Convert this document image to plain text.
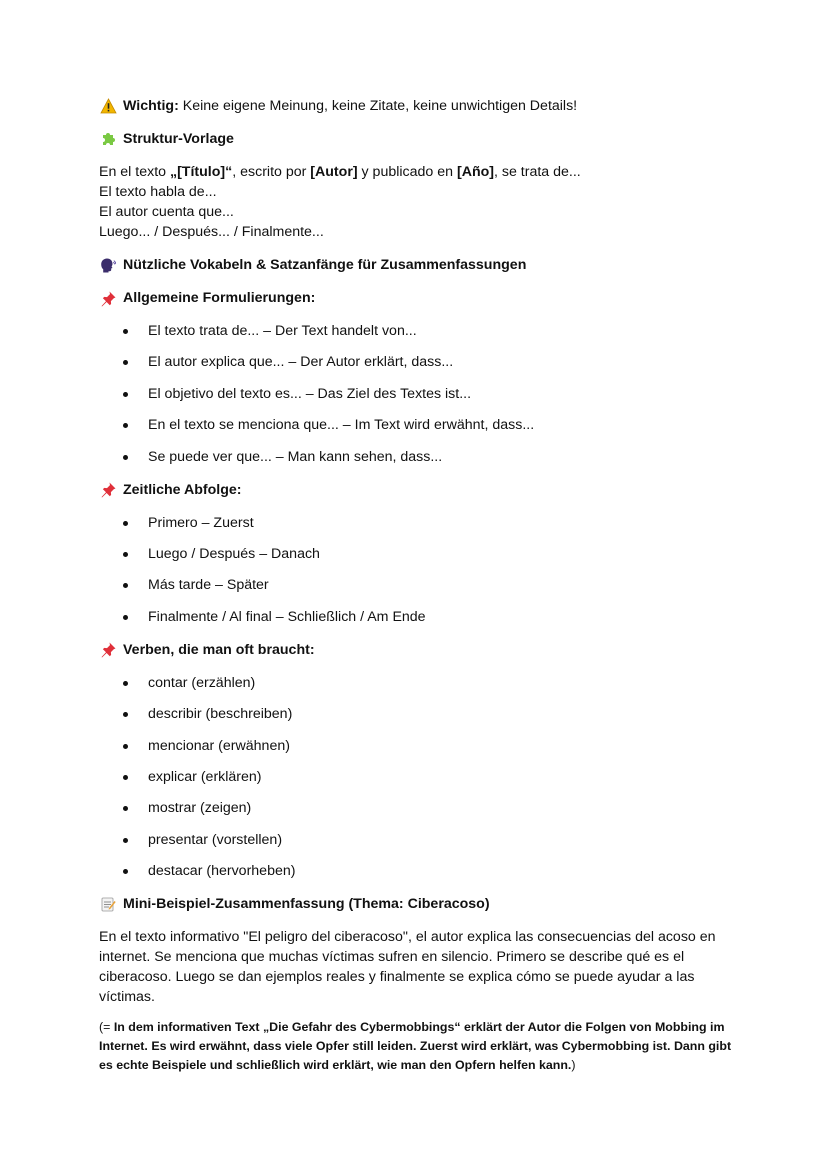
Wichtig: Keine eigene Meinung, keine Zitate, keine unwichtigen Details!
Struktur-Vorlage
En el texto „[Título]“, escrito por [Autor] y publicado en [Año], se trata de...
El texto habla de...
El autor cuenta que...
Luego... / Después... / Finalmente...
Nützliche Vokabeln & Satzanfänge für Zusammenfassungen
Allgemeine Formulierungen:
El texto trata de... – Der Text handelt von...
El autor explica que... – Der Autor erklärt, dass...
El objetivo del texto es... – Das Ziel des Textes ist...
En el texto se menciona que... – Im Text wird erwähnt, dass...
Se puede ver que... – Man kann sehen, dass...
Zeitliche Abfolge:
Primero – Zuerst
Luego / Después – Danach
Más tarde – Später
Finalmente / Al final – Schließlich / Am Ende
Verben, die man oft braucht:
contar (erzählen)
describir (beschreiben)
mencionar (erwähnen)
explicar (erklären)
mostrar (zeigen)
presentar (vorstellen)
destacar (hervorheben)
Mini-Beispiel-Zusammenfassung (Thema: Ciberacoso)
En el texto informativo "El peligro del ciberacoso", el autor explica las consecuencias del acoso en internet. Se menciona que muchas víctimas sufren en silencio. Primero se describe qué es el ciberacoso. Luego se dan ejemplos reales y finalmente se explica cómo se puede ayudar a las víctimas.
(= In dem informativen Text „Die Gefahr des Cybermobbings“ erklärt der Autor die Folgen von Mobbing im Internet. Es wird erwähnt, dass viele Opfer still leiden. Zuerst wird erklärt, was Cybermobbing ist. Dann gibt es echte Beispiele und schließlich wird erklärt, wie man den Opfern helfen kann.)
